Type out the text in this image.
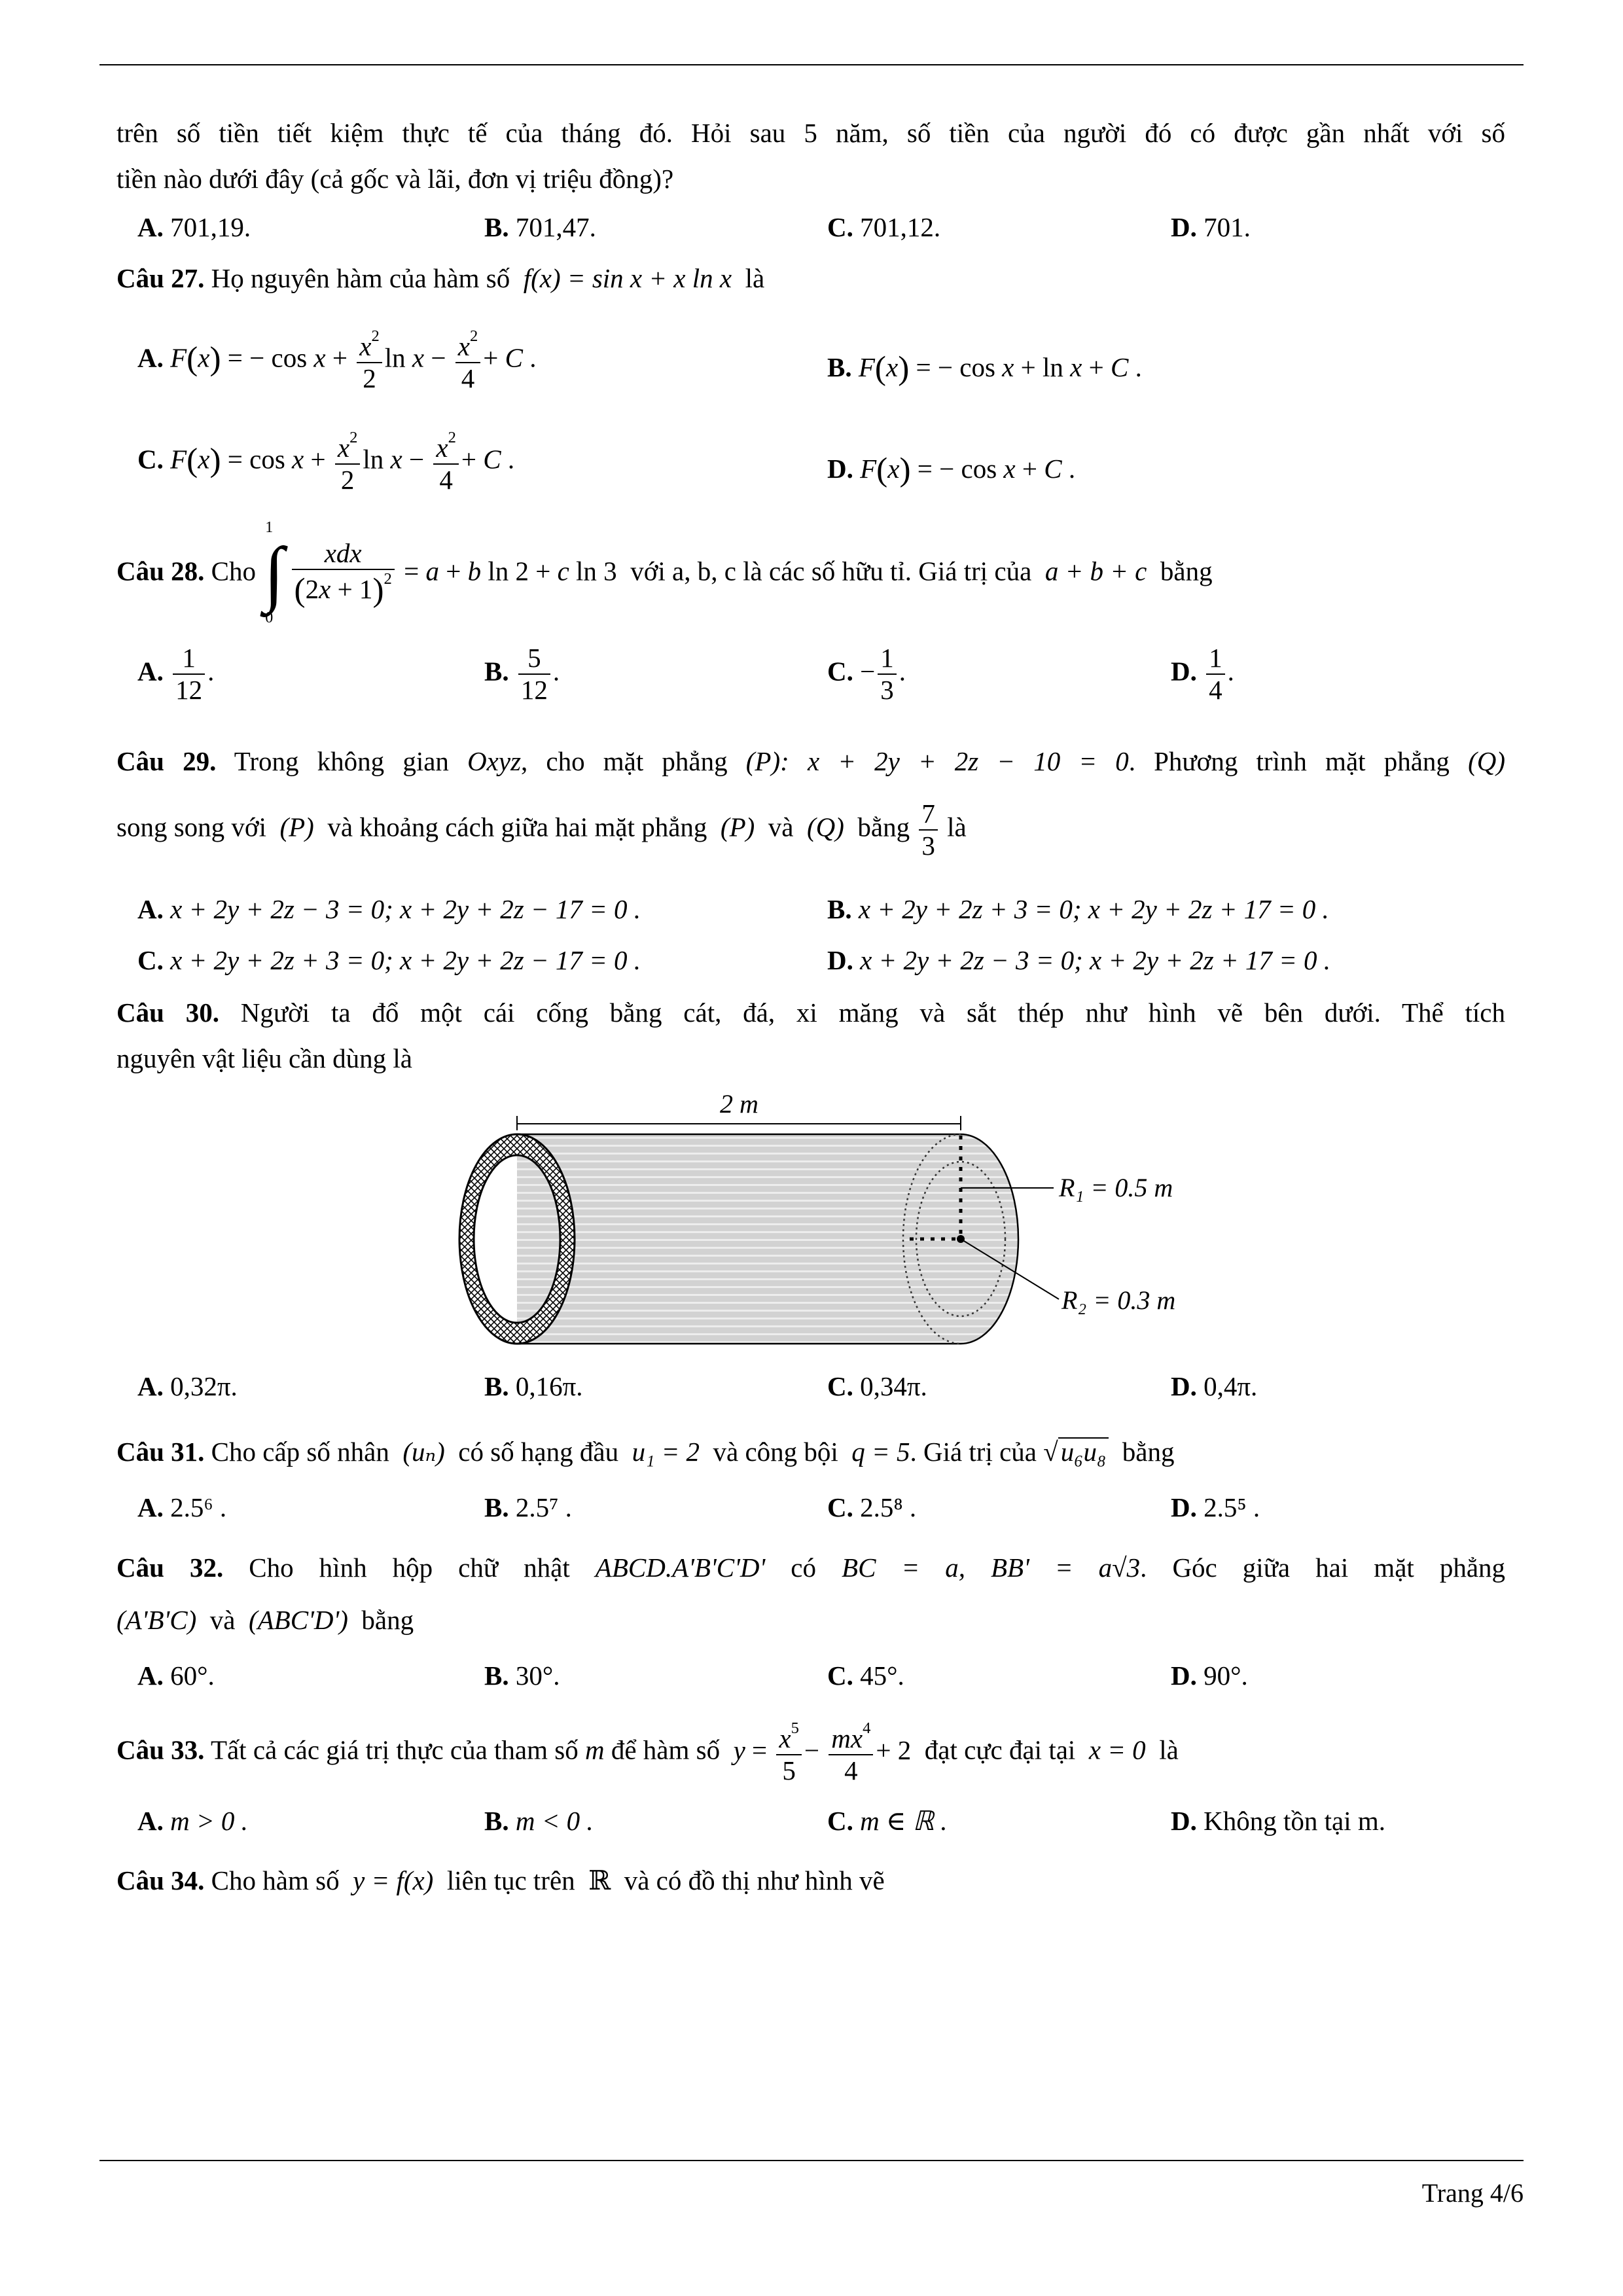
trên số tiền tiết kiệm thực tế của tháng đó. Hỏi sau 5 năm, số tiền của người đó có được gần nhất với số
tiền nào dưới đây (cả gốc và lãi, đơn vị triệu đồng)?
A. 701,19.	B. 701,47.	C. 701,12.	D. 701.
Câu 27. Họ nguyên hàm của hàm số f(x) = sin x + x ln x là
A. F(x) = − $\cos x + \frac{x^2}{2}$ $\ln x - \frac{x^2}{4} + C$ .	B. F(x) = − cos x + ln x + C .
C. $F(x) = \cos x + \frac{x^2}{2}$ $\ln x - \frac{x^2}{4} + C$ .	D. F(x) = − cos x + C .
Câu 28. Cho
1
∫
0

$\frac{\text{xdx}}{(2x + 1)^2} = a + b$ ln 2 + c ln 3  với a, b, c là các số hữu tỉ. Giá trị của a + b + c bằng
A. $\frac{1}{12}$ .	B. $\frac{5}{12}$ .	C. − $\frac{1}{3}$ .	D. $\frac{1}{4}$ .
Câu 29. Trong không gian Oxyz, cho mặt phẳng (P): x + 2y + 2z − 10 = 0. Phương trình mặt phẳng (Q)
song song với (P) và khoảng cách giữa hai mặt phẳng (P) và (Q) bằng $\frac{7}{3}$ là
A. x + 2y + 2z − 3 = 0; x + 2y + 2z − 17 = 0 .	B. x + 2y + 2z + 3 = 0; x + 2y + 2z + 17 = 0 .
C. x + 2y + 2z + 3 = 0; x + 2y + 2z − 17 = 0 .	D. x + 2y + 2z − 3 = 0; x + 2y + 2z + 17 = 0 .
Câu 30. Người ta đổ một cái cống bằng cát, đá, xi măng và sắt thép như hình vẽ bên dưới. Thể tích
nguyên vật liệu cần dùng là
2 m
R₁ = 0.5 m
R₂ = 0.3 m
A. 0,32π.	B. 0,16π.	C. 0,34π.	D. 0,4π.
Câu 31. Cho cấp số nhân (uₙ) có số hạng đầu u₁ = 2 và công bội q = 5. Giá trị của √u₆u₈ bằng
A. 2.5⁶ .	B. 2.5⁷ .	C. 2.5⁸ .	D. 2.5⁵ .
Câu 32. Cho hình hộp chữ nhật ABCD.A'B'C'D' có BC = a, BB' = a√3. Góc giữa hai mặt phẳng
(A'B'C) và (ABC'D') bằng
A. 60°.	B. 30°.	C. 45°.	D. 90°.
Câu 33. Tất cả các giá trị thực của tham số m để hàm số $y = \frac{x^5}{5} - \frac{mx^4}{4} + 2$ đạt cực đại tại x = 0 là
A. m > 0 .	B. m < 0 .	C. m ∈ ℝ .	D. Không tồn tại m.
Câu 34. Cho hàm số y = f(x) liên tục trên ℝ và có đồ thị như hình vẽ
Trang 4/6
